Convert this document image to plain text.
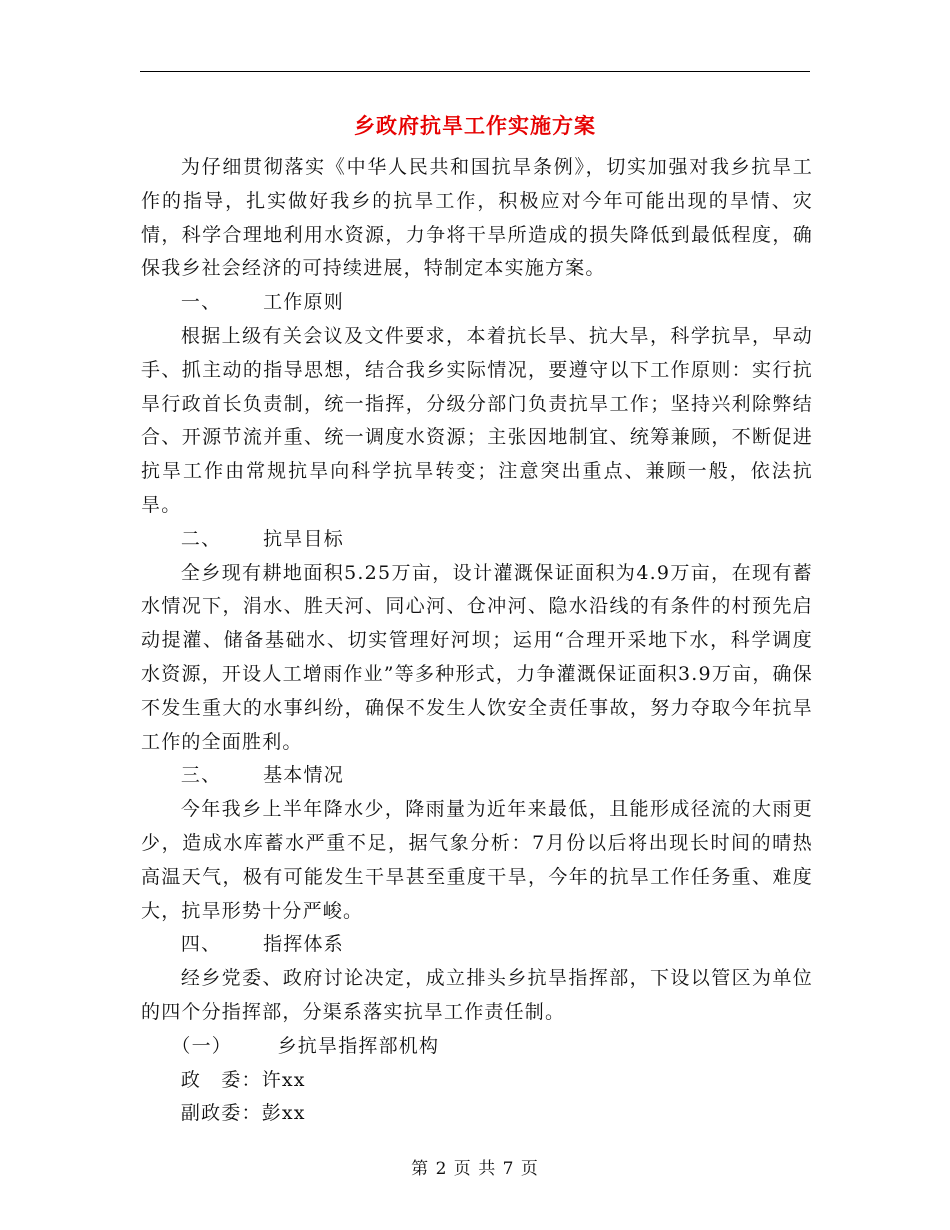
乡政府抗旱工作实施方案

为仔细贯彻落实《中华人民共和国抗旱条例》，切实加强对我乡抗旱工作的指导，扎实做好我乡的抗旱工作，积极应对今年可能出现的旱情、灾情，科学合理地利用水资源，力争将干旱所造成的损失降低到最低程度，确保我乡社会经济的可持续进展，特制定本实施方案。

一、 工作原则

根据上级有关会议及文件要求，本着抗长旱、抗大旱，科学抗旱，早动手、抓主动的指导思想，结合我乡实际情况，要遵守以下工作原则：实行抗旱行政首长负责制，统一指挥，分级分部门负责抗旱工作；坚持兴利除弊结合、开源节流并重、统一调度水资源；主张因地制宜、统筹兼顾，不断促进抗旱工作由常规抗旱向科学抗旱转变；注意突出重点、兼顾一般，依法抗旱。

二、 抗旱目标

全乡现有耕地面积5.25万亩，设计灌溉保证面积为4.9万亩，在现有蓄水情况下，涓水、胜天河、同心河、仓冲河、隐水沿线的有条件的村预先启动提灌、储备基础水、切实管理好河坝；运用“合理开采地下水，科学调度水资源，开设人工增雨作业”等多种形式，力争灌溉保证面积3.9万亩，确保不发生重大的水事纠纷，确保不发生人饮安全责任事故，努力夺取今年抗旱工作的全面胜利。

三、 基本情况

今年我乡上半年降水少，降雨量为近年来最低，且能形成径流的大雨更少，造成水库蓄水严重不足，据气象分析：7月份以后将出现长时间的晴热高温天气，极有可能发生干旱甚至重度干旱，今年的抗旱工作任务重、难度大，抗旱形势十分严峻。

四、 指挥体系

经乡党委、政府讨论决定，成立排头乡抗旱指挥部，下设以管区为单位的四个分指挥部，分渠系落实抗旱工作责任制。

（一） 乡抗旱指挥部机构

政　委：许xx

副政委：彭xx

第 2 页 共 7 页
